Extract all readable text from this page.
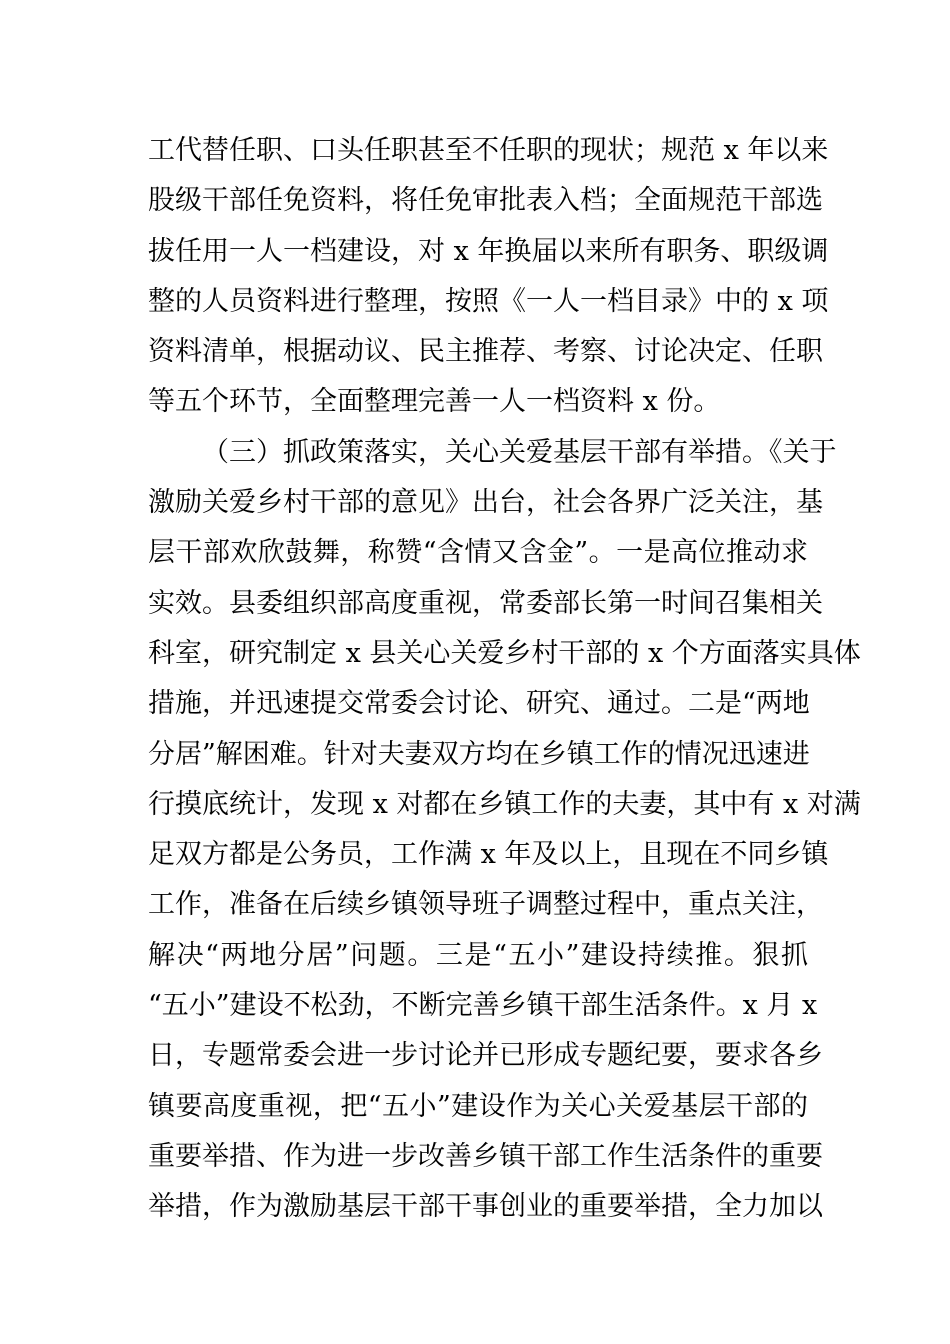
工代替任职、口头任职甚至不任职的现状；规范 x 年以来
股级干部任免资料，将任免审批表入档；全面规范干部选
拔任用一人一档建设，对 x 年换届以来所有职务、职级调
整的人员资料进行整理，按照《一人一档目录》中的 x 项
资料清单，根据动议、民主推荐、考察、讨论决定、任职
等五个环节，全面整理完善一人一档资料 x 份。
（三）抓政策落实，关心关爱基层干部有举措。《关于
激励关爱乡村干部的意见》出台，社会各界广泛关注，基
层干部欢欣鼓舞，称赞“含情又含金”。一是高位推动求
实效。县委组织部高度重视，常委部长第一时间召集相关
科室，研究制定 x 县关心关爱乡村干部的 x 个方面落实具体
措施，并迅速提交常委会讨论、研究、通过。二是“两地
分居”解困难。针对夫妻双方均在乡镇工作的情况迅速进
行摸底统计，发现 x 对都在乡镇工作的夫妻，其中有 x 对满
足双方都是公务员，工作满 x 年及以上，且现在不同乡镇
工作，准备在后续乡镇领导班子调整过程中，重点关注，
解决“两地分居”问题。三是“五小”建设持续推。狠抓
“五小”建设不松劲，不断完善乡镇干部生活条件。x 月 x
日，专题常委会进一步讨论并已形成专题纪要，要求各乡
镇要高度重视，把“五小”建设作为关心关爱基层干部的
重要举措、作为进一步改善乡镇干部工作生活条件的重要
举措，作为激励基层干部干事创业的重要举措，全力加以
